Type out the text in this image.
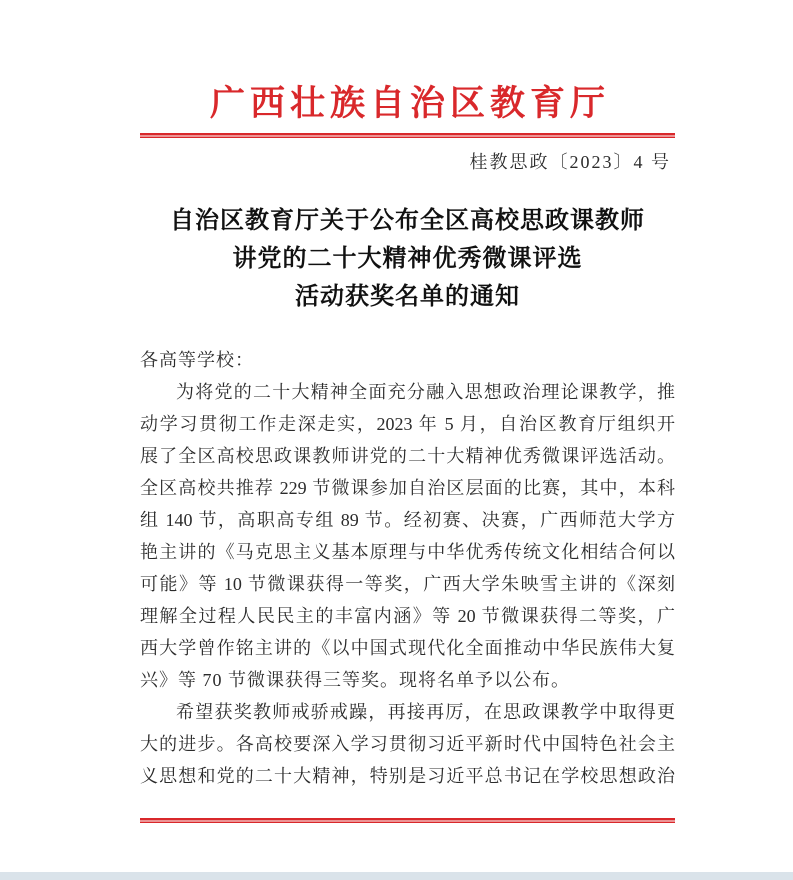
广西壮族自治区教育厅
桂教思政〔2023〕4 号
自治区教育厅关于公布全区高校思政课教师
讲党的二十大精神优秀微课评选
活动获奖名单的通知
各高等学校：
为将党的二十大精神全面充分融入思想政治理论课教学，推
动学习贯彻工作走深走实，2023 年 5 月，自治区教育厅组织开
展了全区高校思政课教师讲党的二十大精神优秀微课评选活动。
全区高校共推荐 229 节微课参加自治区层面的比赛，其中，本科
组 140 节，高职高专组 89 节。经初赛、决赛，广西师范大学方
艳主讲的《马克思主义基本原理与中华优秀传统文化相结合何以
可能》等 10 节微课获得一等奖，广西大学朱映雪主讲的《深刻
理解全过程人民民主的丰富内涵》等 20 节微课获得二等奖，广
西大学曾作铭主讲的《以中国式现代化全面推动中华民族伟大复
兴》等 70 节微课获得三等奖。现将名单予以公布。
希望获奖教师戒骄戒躁，再接再厉，在思政课教学中取得更
大的进步。各高校要深入学习贯彻习近平新时代中国特色社会主
义思想和党的二十大精神，特别是习近平总书记在学校思想政治
